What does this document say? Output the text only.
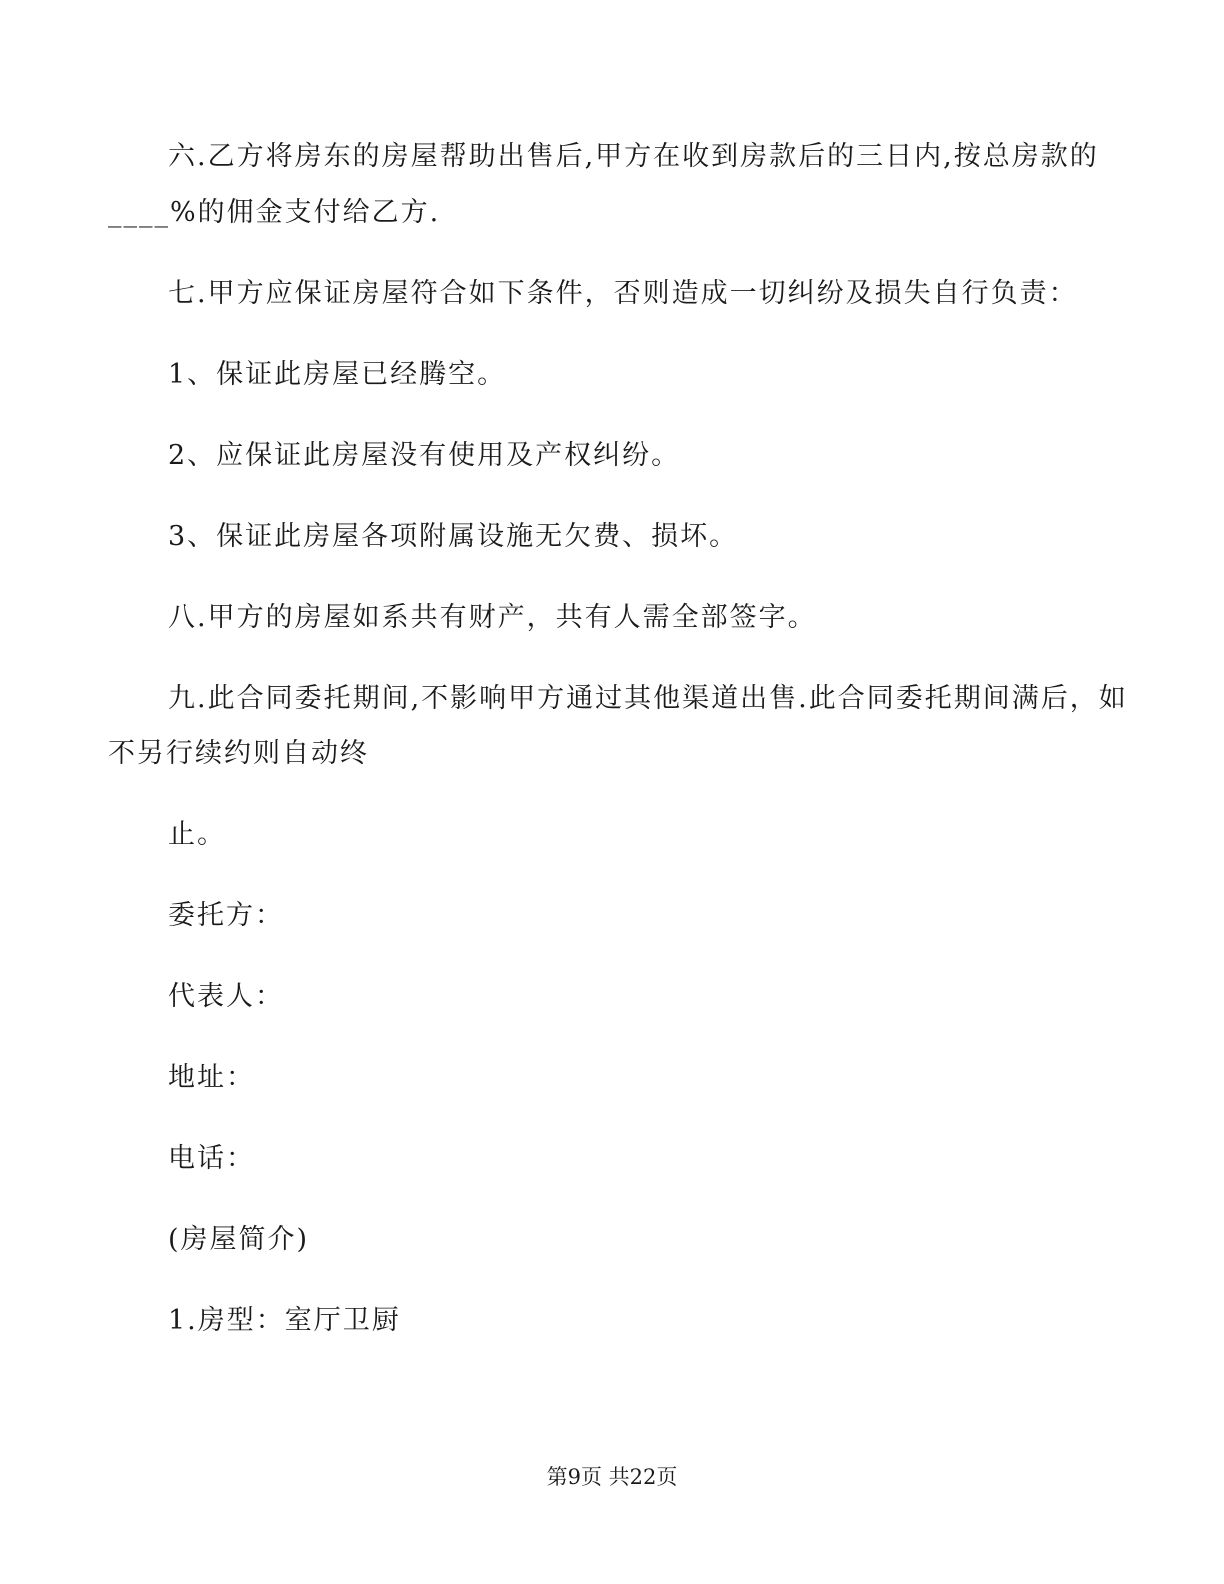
六.乙方将房东的房屋帮助出售后,甲方在收到房款后的三日内,按总房款的
____%的佣金支付给乙方.
七.甲方应保证房屋符合如下条件，否则造成一切纠纷及损失自行负责：
1、保证此房屋已经腾空。
2、应保证此房屋没有使用及产权纠纷。
3、保证此房屋各项附属设施无欠费、损坏。
八.甲方的房屋如系共有财产，共有人需全部签字。
九.此合同委托期间,不影响甲方通过其他渠道出售.此合同委托期间满后，如
不另行续约则自动终
止。
委托方：
代表人：
地址：
电话：
(房屋简介)
1.房型：室厅卫厨
第9页 共22页
